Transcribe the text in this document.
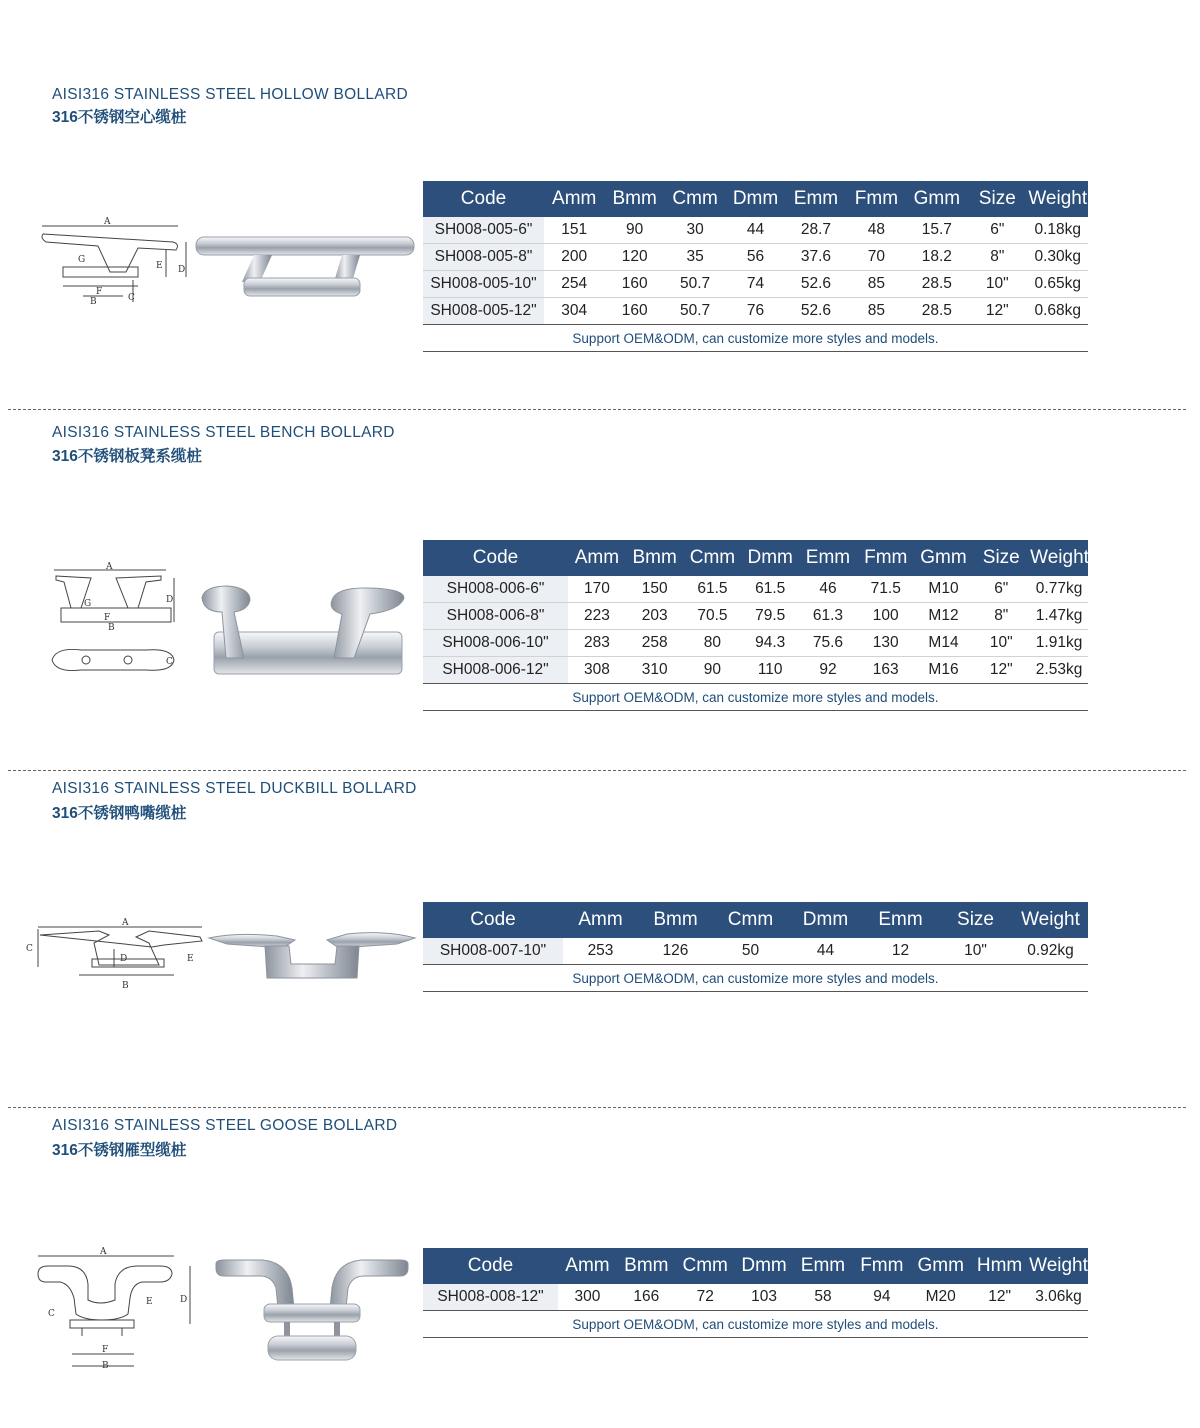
AISI316 STAINLESS STEEL HOLLOW BOLLARD
316不锈钢空心缆桩
A
G
E D
F
B	C
Code	Amm	Bmm	Cmm	Dmm	Emm	Fmm	Gmm	Size	Weight
SH008-005-6"	151	90	30	44	28.7	48	15.7	6"	0.18kg
SH008-005-8"	200	120	35	56	37.6	70	18.2	8"	0.30kg
SH008-005-10"	254	160	50.7	74	52.6	85	28.5	10"	0.65kg
SH008-005-12"	304	160	50.7	76	52.6	85	28.5	12"	0.68kg
Support OEM&ODM, can customize more styles and models.									
AISI316 STAINLESS STEEL BENCH BOLLARD
316不锈钢板凳系缆桩
A
G
F
B
D
C
Code	Amm	Bmm	Cmm	Dmm	Emm	Fmm	Gmm	Size	Weight
SH008-006-6"	170	150	61.5	61.5	46	71.5	M10	6"	0.77kg
SH008-006-8"	223	203	70.5	79.5	61.3	100	M12	8"	1.47kg
SH008-006-10"	283	258	80	94.3	75.6	130	M14	10"	1.91kg
SH008-006-12"	308	310	90	110	92	163	M16	12"	2.53kg
Support OEM&ODM, can customize more styles and models.									
AISI316 STAINLESS STEEL DUCKBILL BOLLARD
316不锈钢鸭嘴缆桩
A
C
D	E
B
Code	Amm	Bmm	Cmm	Dmm	Emm	Size	Weight
SH008-007-10"	253	126	50	44	12	10"	0.92kg
Support OEM&ODM, can customize more styles and models.							
AISI316 STAINLESS STEEL GOOSE BOLLARD
316不锈钢雁型缆桩
A
C
E	D
F
B
Code	Amm	Bmm	Cmm	Dmm	Emm	Fmm	Gmm	Hmm	Weight
SH008-008-12"	300	166	72	103	58	94	M20	12"	3.06kg
Support OEM&ODM, can customize more styles and models.									
